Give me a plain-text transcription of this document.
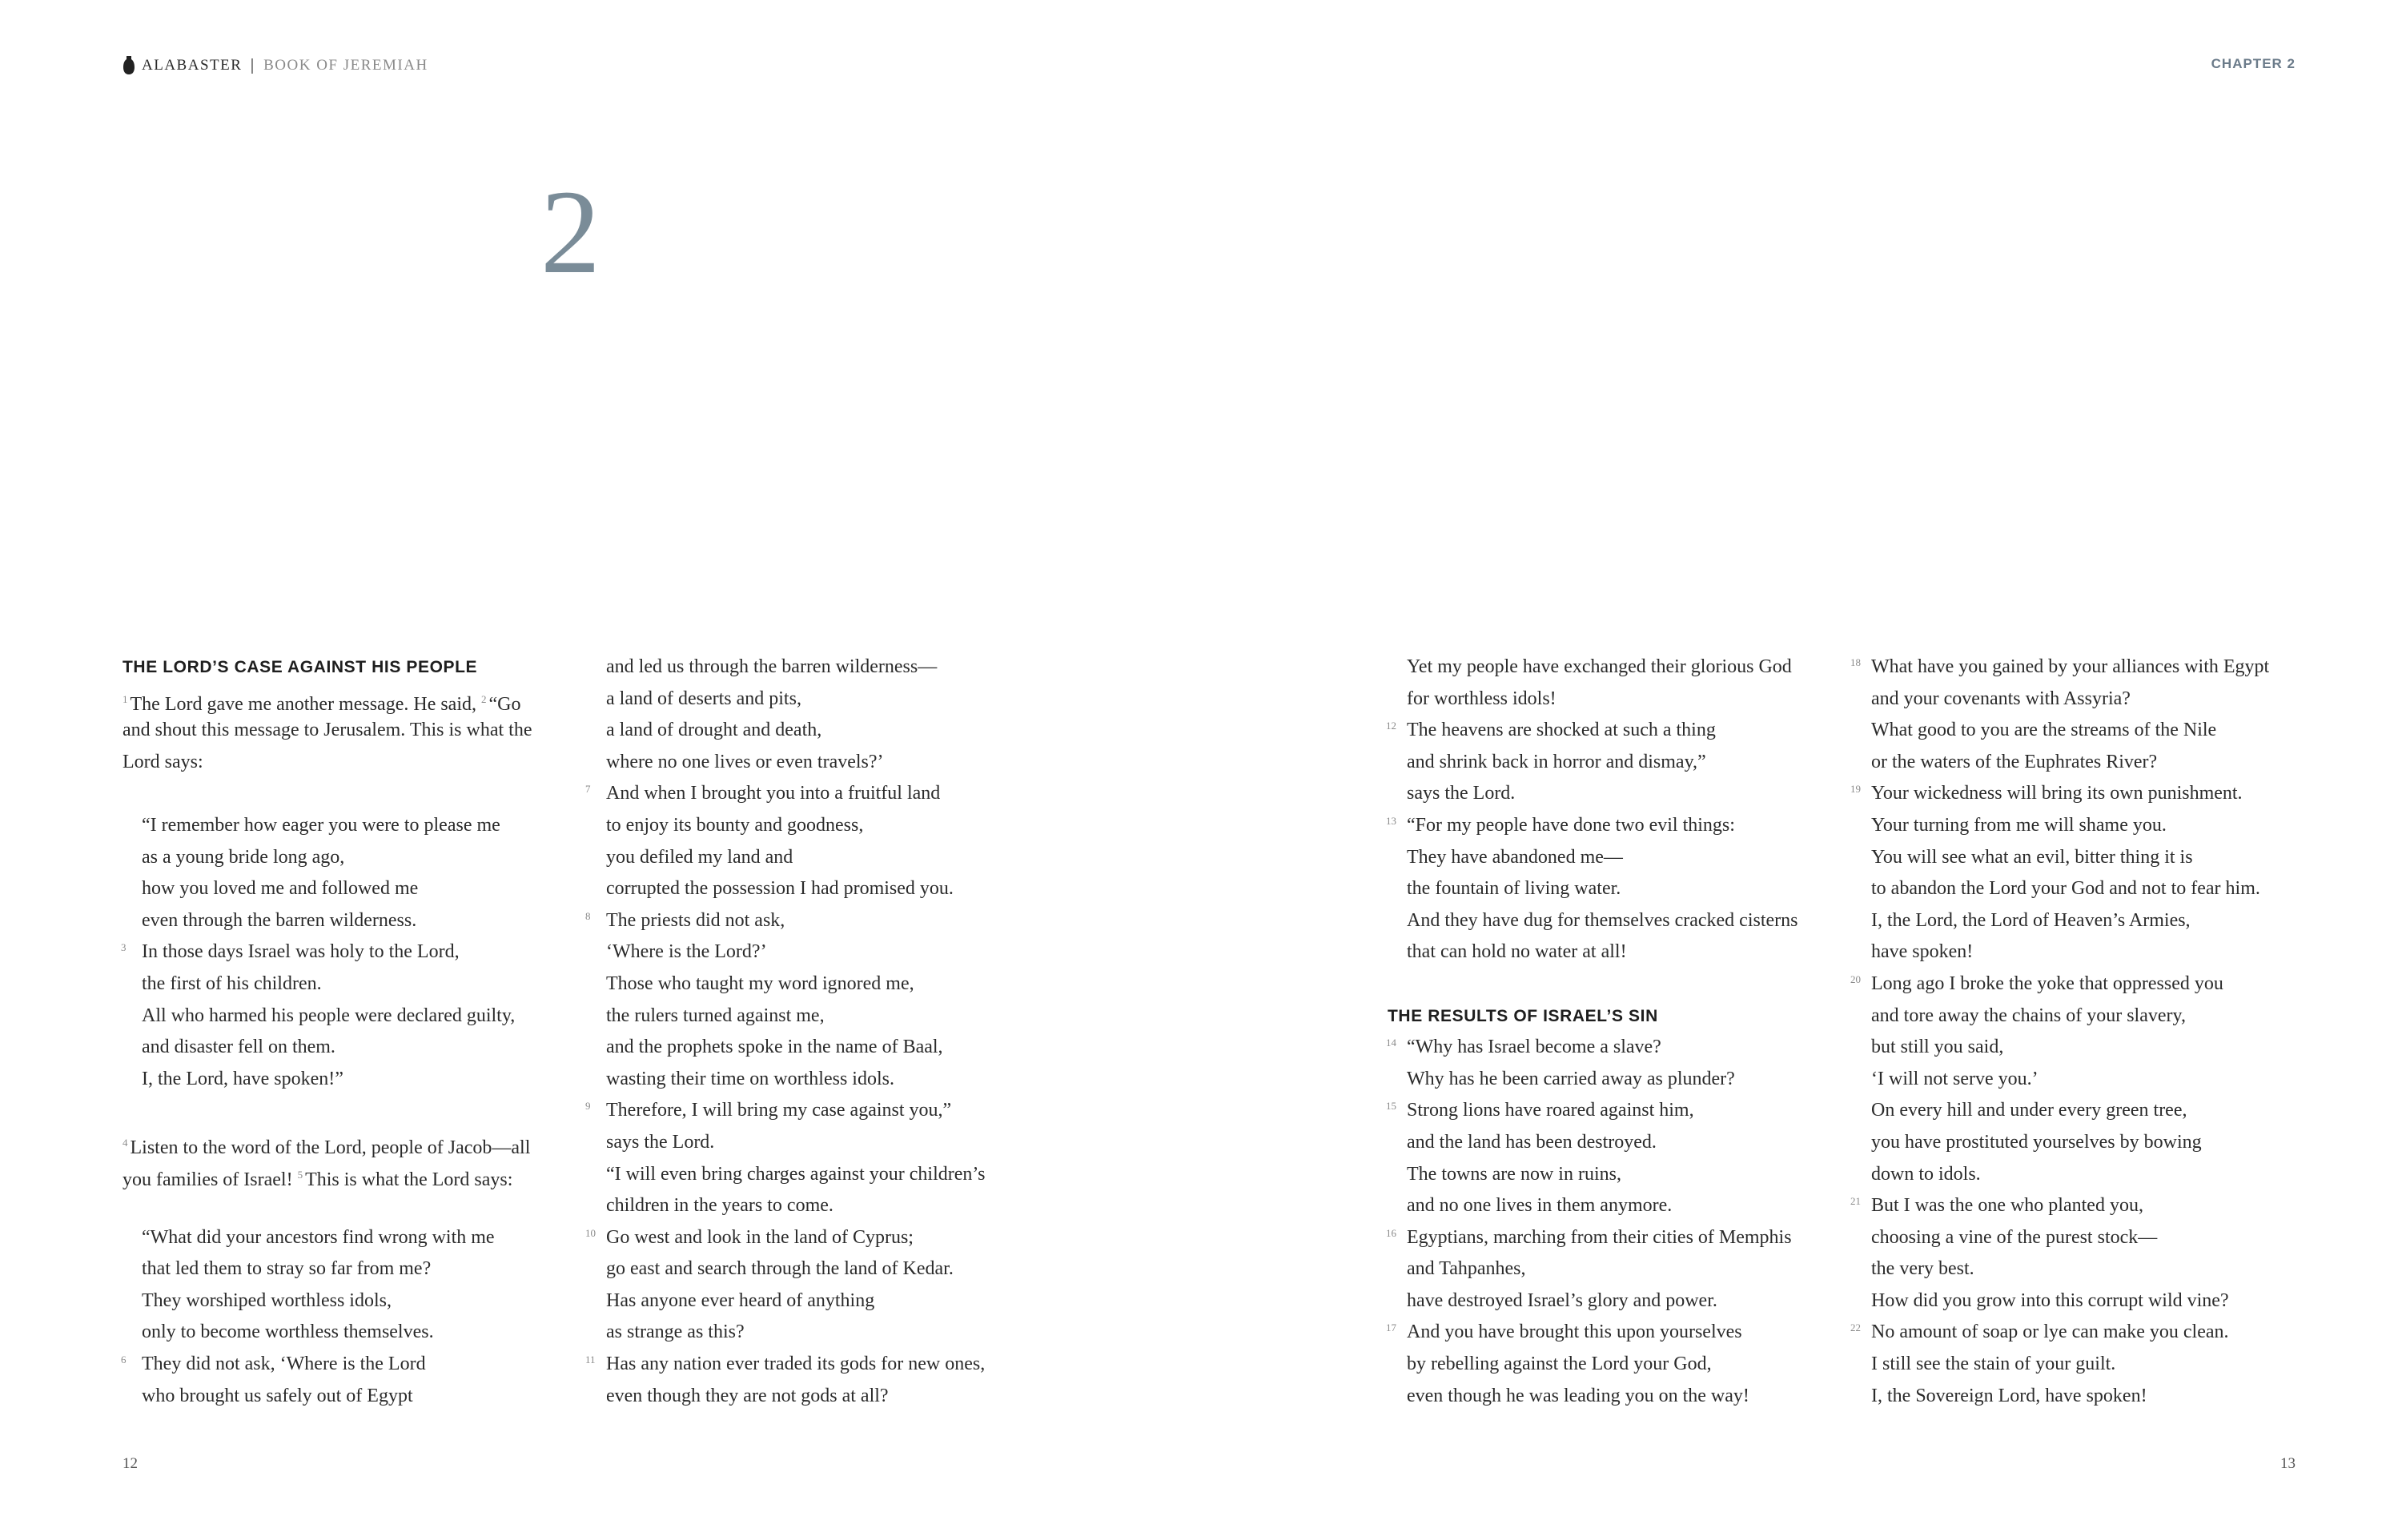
ALABASTER | BOOK OF JEREMIAH
2
THE LORD’S CASE AGAINST HIS PEOPLE
$^1$ The Lord gave me another message. He said, $^2$ “Go
and shout this message to Jerusalem. This is what the
Lord says:
“I remember how eager you were to please me
as a young bride long ago,
how you loved me and followed me
even through the barren wilderness.
3 In those days Israel was holy to the Lord,
the first of his children.
All who harmed his people were declared guilty,
and disaster fell on them.
I, the Lord, have spoken!”
$^4$ Listen to the word of the Lord, people of Jacob—all
you families of Israel! $^5$ This is what the Lord says:
“What did your ancestors find wrong with me
that led them to stray so far from me?
They worshiped worthless idols,
only to become worthless themselves.
6 They did not ask, ‘Where is the Lord
who brought us safely out of Egypt
and led us through the barren wilderness—
a land of deserts and pits,
a land of drought and death,
where no one lives or even travels?’
7 And when I brought you into a fruitful land
to enjoy its bounty and goodness,
you defiled my land and
corrupted the possession I had promised you.
8 The priests did not ask,
‘Where is the Lord?’
Those who taught my word ignored me,
the rulers turned against me,
and the prophets spoke in the name of Baal,
wasting their time on worthless idols.
9 Therefore, I will bring my case against you,”
says the Lord.
“I will even bring charges against your children’s
children in the years to come.
10 Go west and look in the land of Cyprus;
go east and search through the land of Kedar.
Has anyone ever heard of anything
as strange as this?
11 Has any nation ever traded its gods for new ones,
even though they are not gods at all?
12	13
CHAPTER 2
Yet my people have exchanged their glorious God
for worthless idols!
12 The heavens are shocked at such a thing
and shrink back in horror and dismay,”
says the Lord.
13 “For my people have done two evil things:
They have abandoned me—
the fountain of living water.
And they have dug for themselves cracked cisterns
that can hold no water at all!
THE RESULTS OF ISRAEL’S SIN
14 “Why has Israel become a slave?
Why has he been carried away as plunder?
15 Strong lions have roared against him,
and the land has been destroyed.
The towns are now in ruins,
and no one lives in them anymore.
16 Egyptians, marching from their cities of Memphis
and Tahpanhes,
have destroyed Israel’s glory and power.
17 And you have brought this upon yourselves
by rebelling against the Lord your God,
even though he was leading you on the way!
18 What have you gained by your alliances with Egypt
and your covenants with Assyria?
What good to you are the streams of the Nile
or the waters of the Euphrates River?
19 Your wickedness will bring its own punishment.
Your turning from me will shame you.
You will see what an evil, bitter thing it is
to abandon the Lord your God and not to fear him.
I, the Lord, the Lord of Heaven’s Armies,
have spoken!
20 Long ago I broke the yoke that oppressed you
and tore away the chains of your slavery,
but still you said,
‘I will not serve you.’
On every hill and under every green tree,
you have prostituted yourselves by bowing
down to idols.
21 But I was the one who planted you,
choosing a vine of the purest stock—
the very best.
How did you grow into this corrupt wild vine?
22 No amount of soap or lye can make you clean.
I still see the stain of your guilt.
I, the Sovereign Lord, have spoken!
